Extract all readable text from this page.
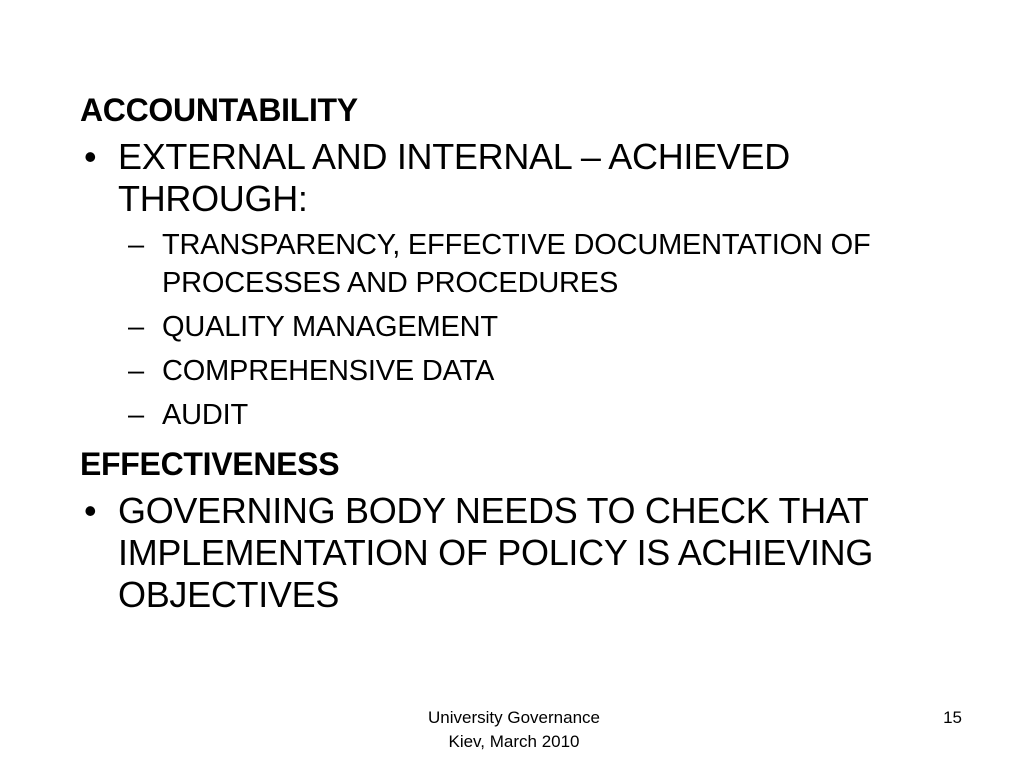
ACCOUNTABILITY
• EXTERNAL AND INTERNAL – ACHIEVED THROUGH:
– TRANSPARENCY, EFFECTIVE DOCUMENTATION OF PROCESSES AND PROCEDURES
– QUALITY MANAGEMENT
– COMPREHENSIVE DATA
– AUDIT
EFFECTIVENESS
• GOVERNING BODY NEEDS TO CHECK THAT IMPLEMENTATION OF POLICY IS ACHIEVING OBJECTIVES
University Governance
Kiev, March 2010
15
